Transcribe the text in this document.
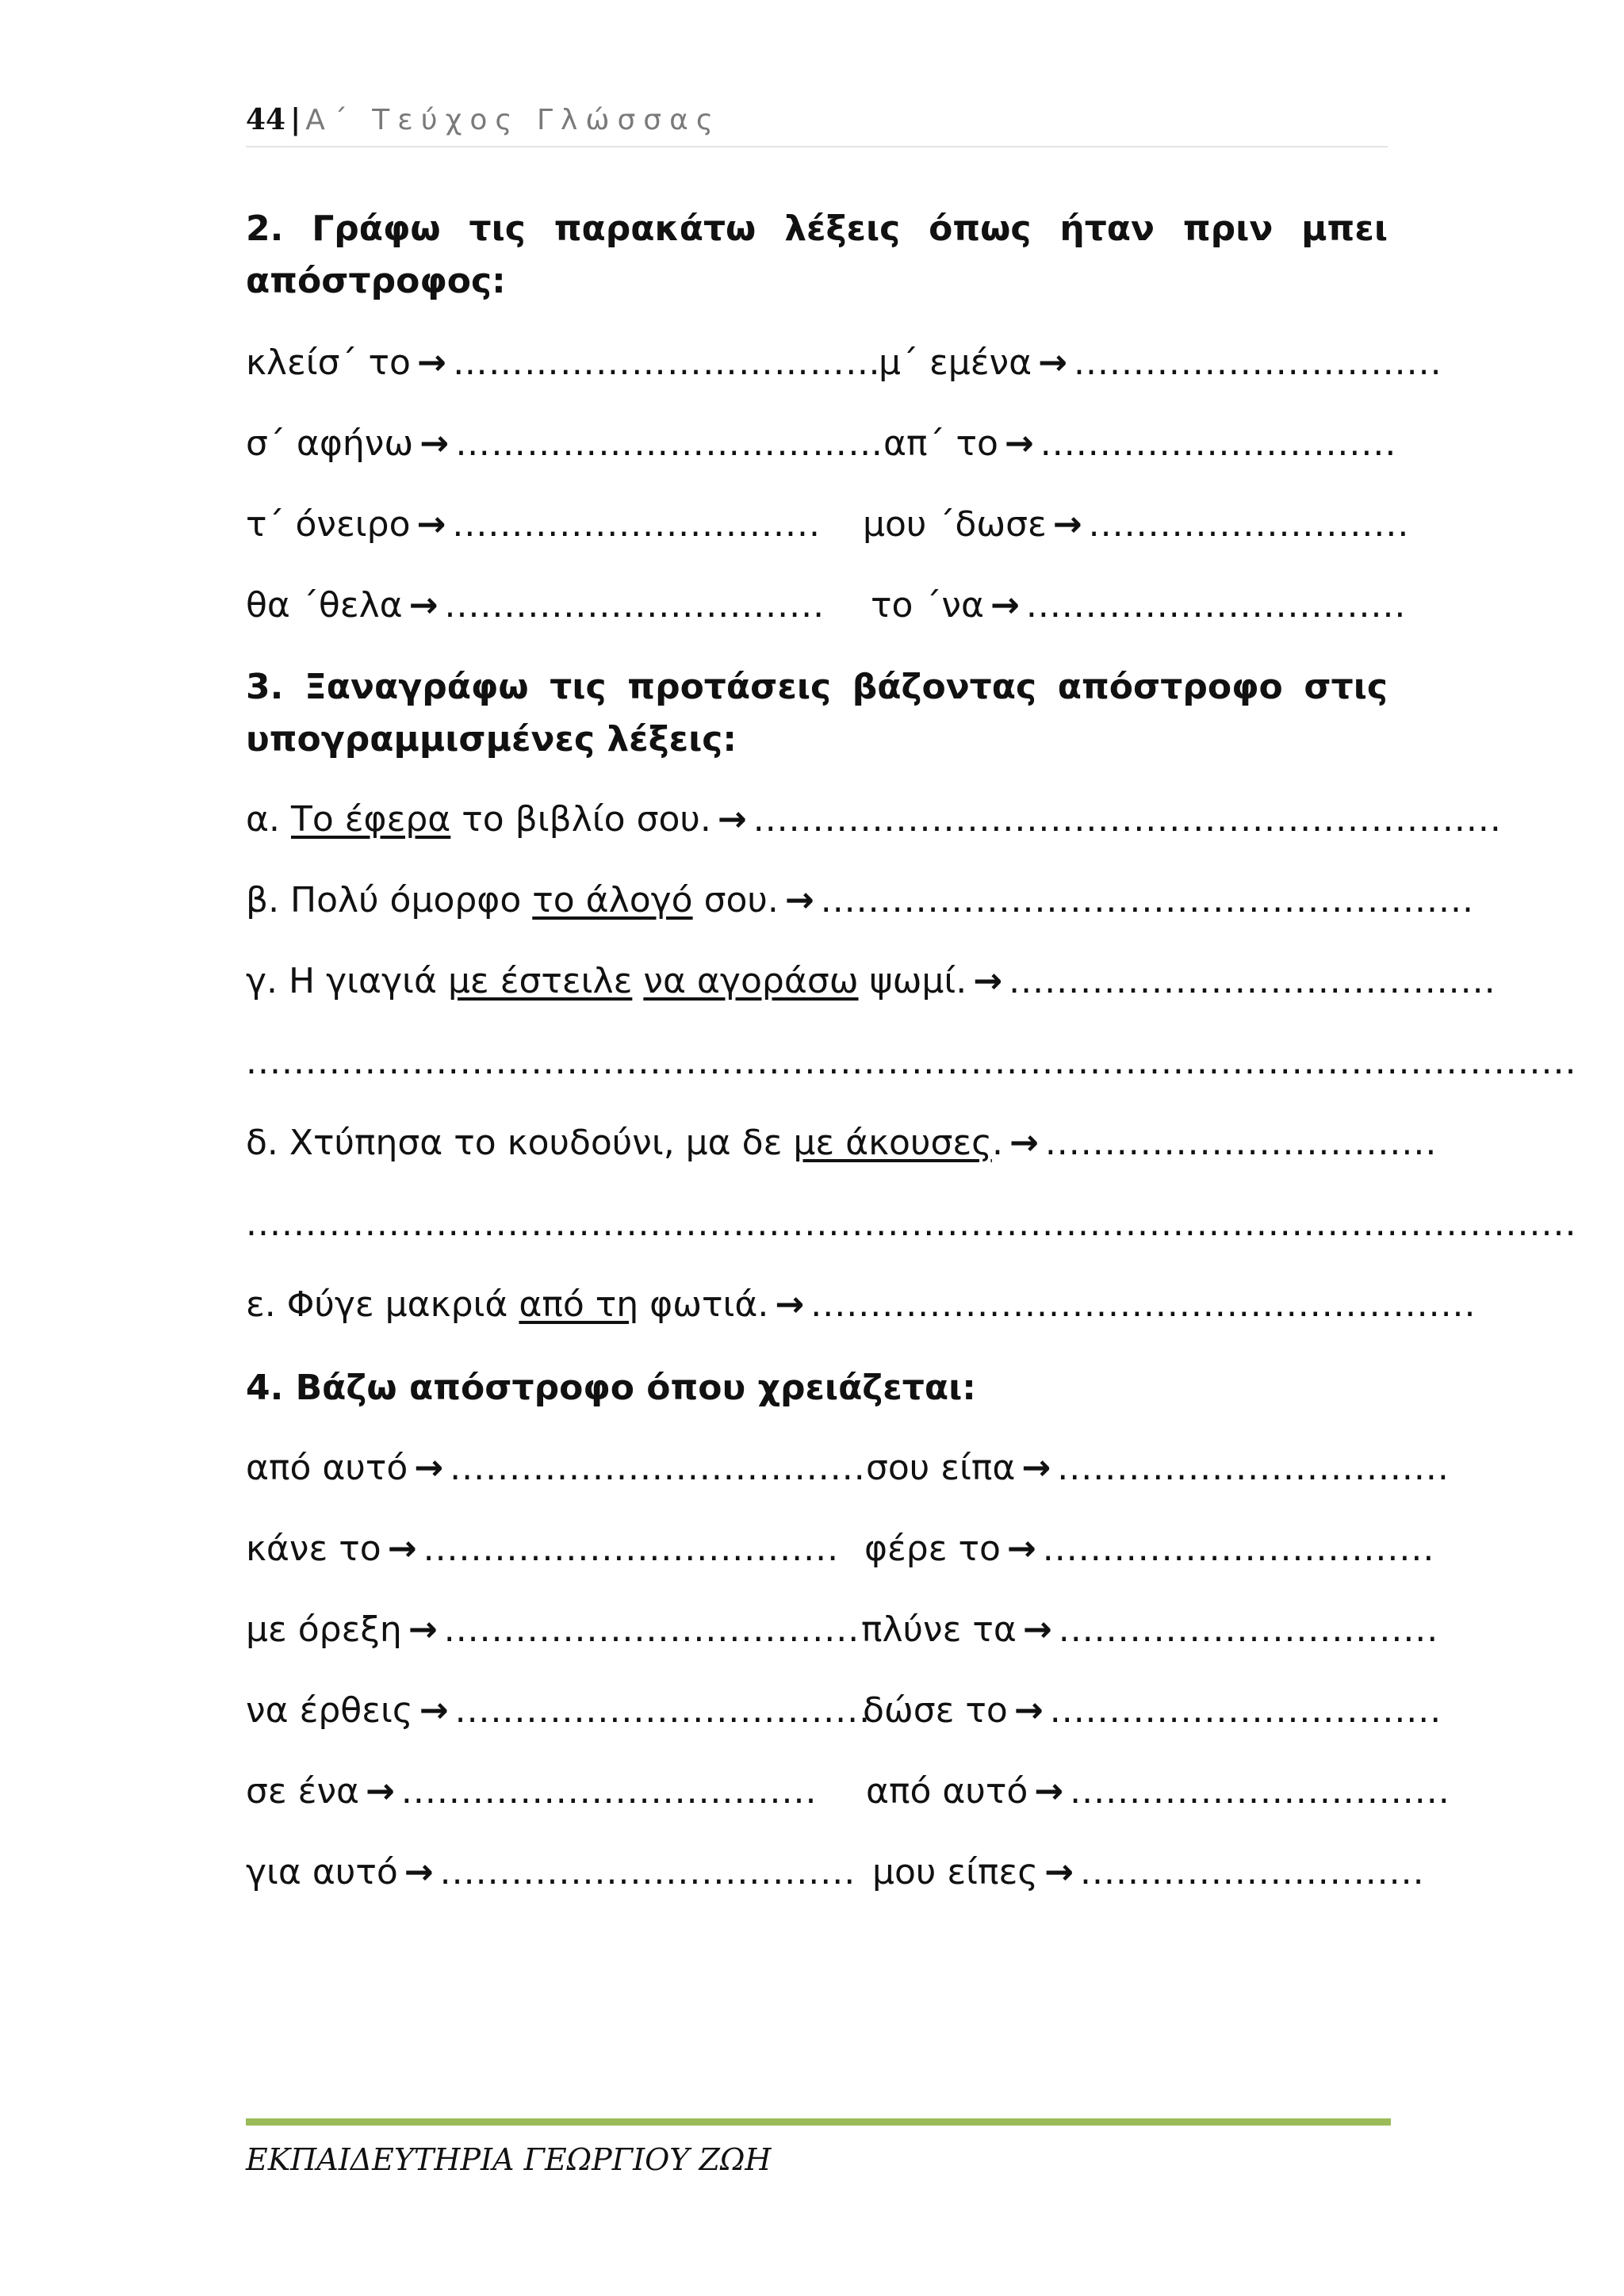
44 | Α΄ Τεύχος Γλώσσας
2. Γράφω τις παρακάτω λέξεις όπως ήταν πριν μπει απόστροφος:
κλείσ΄ το → ………………………………
μ΄ εμένα → ...............................
σ΄ αφήνω → ……………………………… απ΄ το → ..............................
τ΄ όνειρο → ............................... μου ΄δωσε → ...........................
θα ΄θελα → ................................ το ΄να → ................................
3. Ξαναγράφω τις προτάσεις βάζοντας απόστροφο στις υπογραμμισμένες λέξεις:
α. Το έφερα το βιβλίο σου. → ...............................................................
β. Πολύ όμορφο το άλογό σου. → .......................................................
γ. Η γιαγιά με έστειλε να αγοράσω ψωμί. → .........................................
................................................................................................................
δ. Χτύπησα το κουδούνι, μα δε με άκουσες. → .................................
................................................................................................................
ε. Φύγε μακριά από τη φωτιά. → ........................................................
4. Βάζω απόστροφο όπου χρειάζεται:
από αυτό → ................................... σου είπα → .................................
κάνε το → ................................... φέρε το → .................................
με όρεξη → ................................... πλύνε τα → ................................
να έρθεις → ...................................
δώσε το → .................................
σε ένα → ................................... από αυτό → ................................
για αυτό → ................................... μου είπες → .............................
ΕΚΠΑΙΔΕΥΤΗΡΙΑ ΓΕΩΡΓΙΟΥ ΖΩΗ
